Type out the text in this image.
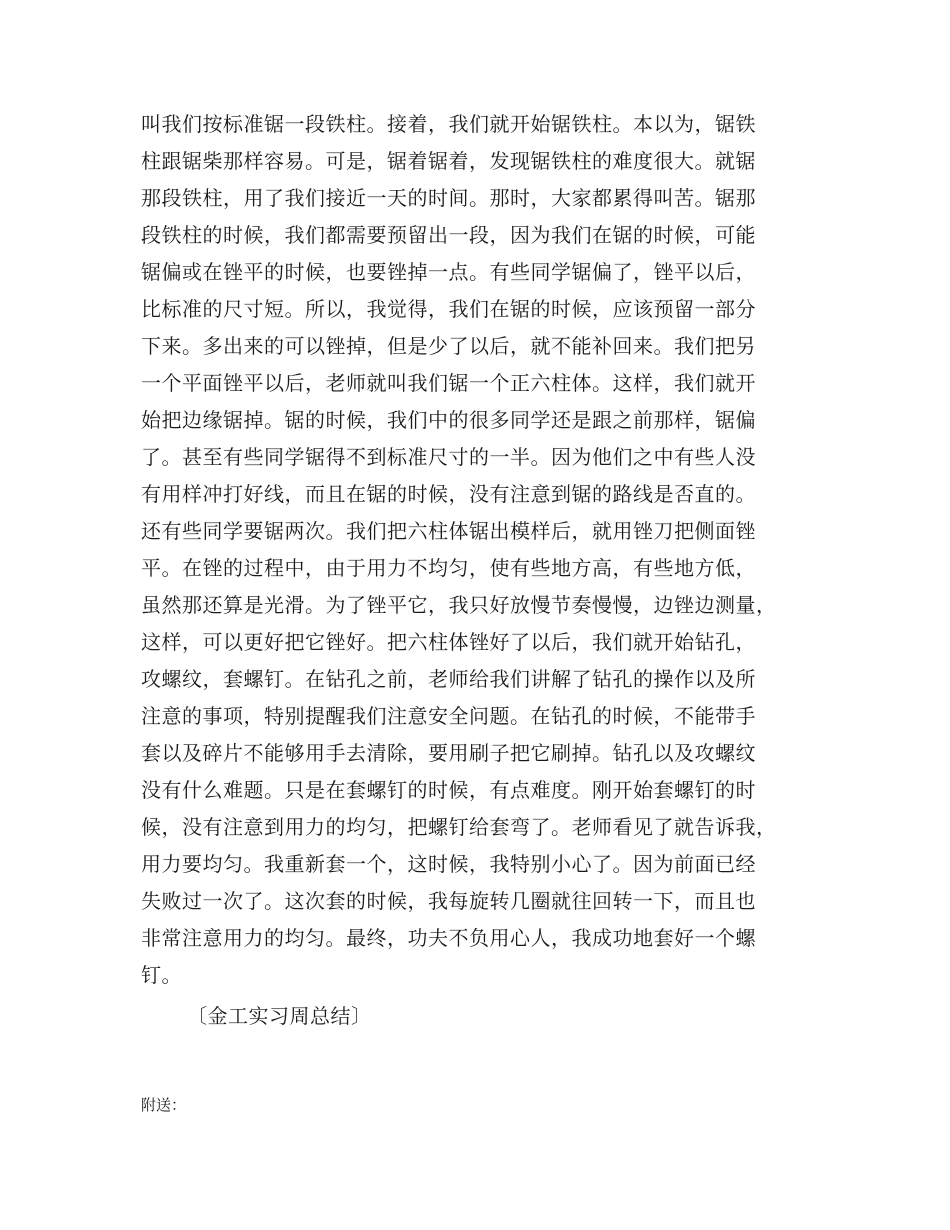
叫我们按标准锯一段铁柱。接着，我们就开始锯铁柱。本以为，锯铁
柱跟锯柴那样容易。可是，锯着锯着，发现锯铁柱的难度很大。就锯
那段铁柱，用了我们接近一天的时间。那时，大家都累得叫苦。锯那
段铁柱的时候，我们都需要预留出一段，因为我们在锯的时候，可能
锯偏或在锉平的时候，也要锉掉一点。有些同学锯偏了，锉平以后，
比标准的尺寸短。所以，我觉得，我们在锯的时候，应该预留一部分
下来。多出来的可以锉掉，但是少了以后，就不能补回来。我们把另
一个平面锉平以后，老师就叫我们锯一个正六柱体。这样，我们就开
始把边缘锯掉。锯的时候，我们中的很多同学还是跟之前那样，锯偏
了。甚至有些同学锯得不到标准尺寸的一半。因为他们之中有些人没
有用样冲打好线，而且在锯的时候，没有注意到锯的路线是否直的。
还有些同学要锯两次。我们把六柱体锯出模样后，就用锉刀把侧面锉
平。在锉的过程中，由于用力不均匀，使有些地方高，有些地方低，
虽然那还算是光滑。为了锉平它，我只好放慢节奏慢慢，边锉边测量，
这样，可以更好把它锉好。把六柱体锉好了以后，我们就开始钻孔，
攻螺纹，套螺钉。在钻孔之前，老师给我们讲解了钻孔的操作以及所
注意的事项，特别提醒我们注意安全问题。在钻孔的时候，不能带手
套以及碎片不能够用手去清除，要用刷子把它刷掉。钻孔以及攻螺纹
没有什么难题。只是在套螺钉的时候，有点难度。刚开始套螺钉的时
候，没有注意到用力的均匀，把螺钉给套弯了。老师看见了就告诉我，
用力要均匀。我重新套一个，这时候，我特别小心了。因为前面已经
失败过一次了。这次套的时候，我每旋转几圈就往回转一下，而且也
非常注意用力的均匀。最终，功夫不负用心人，我成功地套好一个螺
钉。
〔金工实习周总结〕
附送：
